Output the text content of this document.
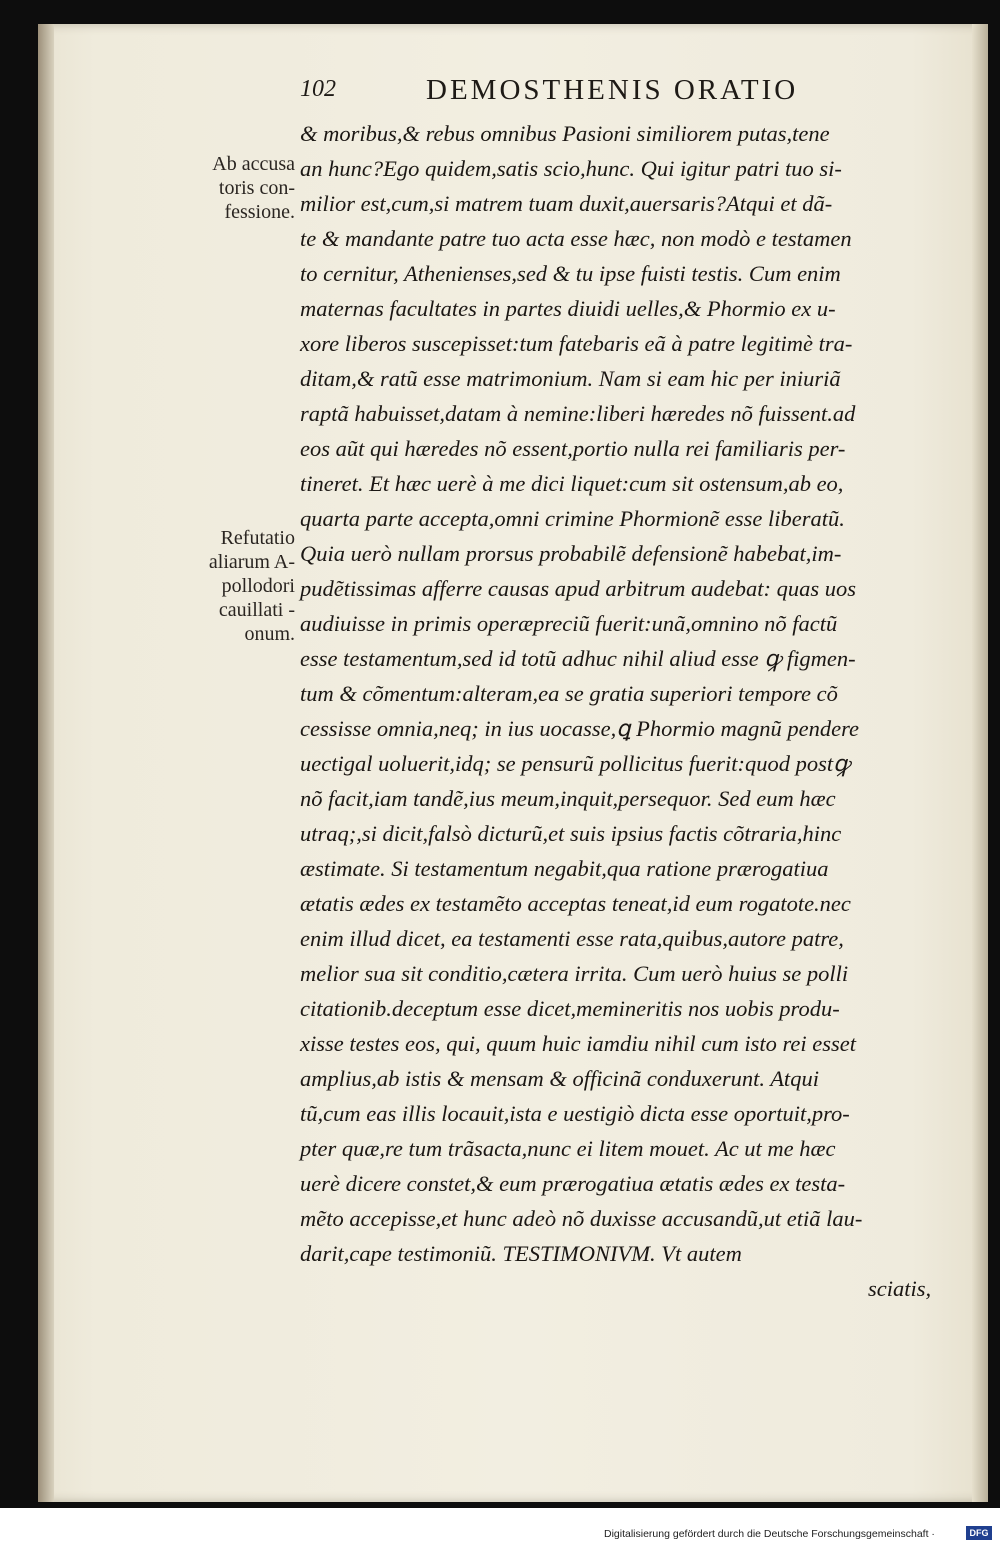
102	DEMOSTHENIS ORATIO
Ab accusa
toris con-
fessione.
Refutatio
aliarum A-
pollodori
cauillati -
onum.
& moribus,& rebus omnibus Pasioni similiorem putas,tene
an hunc?Ego quidem,satis scio,hunc. Qui igitur patri tuo si-
milior est,cum,si matrem tuam duxit,auersaris?Atqui et dã-
te & mandante patre tuo acta esse hæc, non modò e testamen
to cernitur, Athenienses,sed & tu ipse fuisti testis. Cum enim
maternas facultates in partes diuidi uelles,& Phormio ex u-
xore liberos suscepisset:tum fatebaris eã à patre legitimè tra-
ditam,& ratũ esse matrimonium. Nam si eam hic per iniuriã
raptã habuisset,datam à nemine:liberi hæredes nõ fuissent.ad
eos aũt qui hæredes nõ essent,portio nulla rei familiaris per-
tineret. Et hæc uerè à me dici liquet:cum sit ostensum,ab eo,
quarta parte accepta,omni crimine Phormionẽ esse liberatũ.
Quia uerò nullam prorsus probabilẽ defensionẽ habebat,im-
pudẽtissimas afferre causas apud arbitrum audebat: quas uos
audiuisse in primis operæpreciũ fuerit:unã,omnino nõ factũ
esse testamentum,sed id totũ adhuc nihil aliud esse ꝙ figmen-
tum & cõmentum:alteram,ea se gratia superiori tempore cõ
cessisse omnia,neq; in ius uocasse,ꝗ Phormio magnũ pendere
uectigal uoluerit,idq; se pensurũ pollicitus fuerit:quod postꝙ
nõ facit,iam tandẽ,ius meum,inquit,persequor. Sed eum hæc
utraq;,si dicit,falsò dicturũ,et suis ipsius factis cõtraria,hinc
æstimate. Si testamentum negabit,qua ratione prærogatiua
ætatis ædes ex testamẽto acceptas teneat,id eum rogatote.nec
enim illud dicet, ea testamenti esse rata,quibus,autore patre,
melior sua sit conditio,cætera irrita. Cum uerò huius se polli
citationib.deceptum esse dicet,memineritis nos uobis produ-
xisse testes eos, qui, quum huic iamdiu nihil cum isto rei esset
amplius,ab istis & mensam & officinã conduxerunt. Atqui
tũ,cum eas illis locauit,ista e uestigiò dicta esse oportuit,pro-
pter quæ,re tum trãsacta,nunc ei litem mouet. Ac ut me hæc
uerè dicere constet,& eum prærogatiua ætatis ædes ex testa-
mẽto accepisse,et hunc adeò nõ duxisse accusandũ,ut etiã lau-
darit,cape testimoniũ. TESTIMONIVM. Vt autem
sciatis,
Digitalisierung gefördert durch die Deutsche Forschungsgemeinschaft ·	DFG
